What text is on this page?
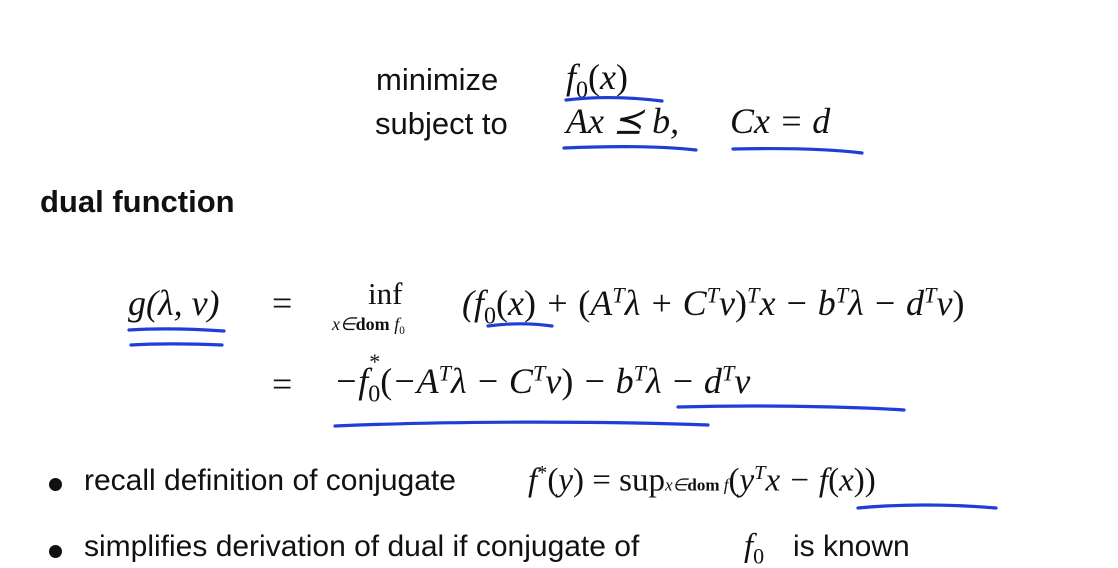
minimize
subject to
$f_0(x)$
Ax ⪯ b, Cx = d
dual function
g(λ, ν) = inf
x∈dom $f_0$
$(f_0(x) + (A^T\lambda + C^T\nu)^Tx - b^T\lambda - d^T\nu)$
= −f *
$_0(-A^T\lambda - C^T\nu) - b^T\lambda - d^T\nu$
recall definition of conjugate f*(y) = supx∈dom $f(y^Tx - f(x))$
simplifies derivation of dual if conjugate of	$f_0$ is known
